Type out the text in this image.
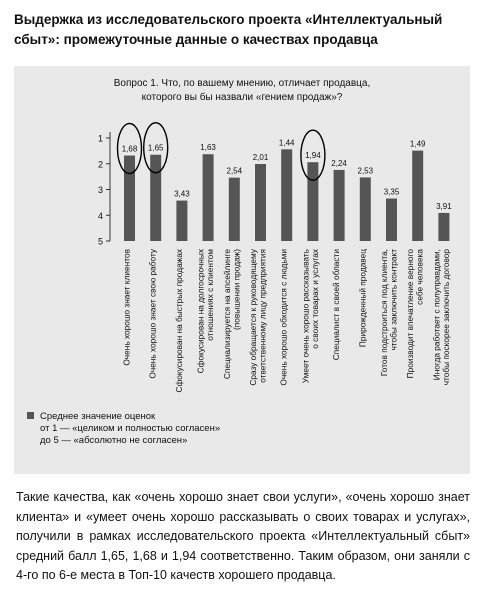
Выдержка из исследовательского проекта «Интеллектуальный сбыт»: промежуточные данные о качествах продавца
Вопрос 1. Что, по вашему мнению, отличает продавца,
которого вы бы назвали «гением продаж»?
1
2
3
4
5
1,68 1,65
3,43
1,63
2,54
2,01
1,44
1,94
2,24
2,53
3,35
1,49
3,91
Очень хорошо знает клиентов Очень хорошо знает свою работу Сфокусирован на быстрых продажах Сфокусирован на долгосрочныхотношениях с клиентом Специализируется на апсейлинге(повышении продаж) Сразу обращается к руководящемуответственному лицу предприятия Очень хорошо обходится с людьми Умеет очень хорошо рассказыватьо своих товарах и услугах Специалист в своей области Прирожденный продавец Готов подстроиться под клиента,чтобы заключить контракт Производит впечатление верногосебе человека Иногда работает с полуправдами,чтобы поскорее заключить договор
Среднее значение оценок
от 1 — «целиком и полностью согласен»
до 5 — «абсолютно не согласен»
Такие качества, как «очень хорошо знает свои услуги», «очень хорошо знает клиента» и «умеет очень хорошо рассказывать о своих товарах и услугах», получили в рамках исследовательского проекта «Интеллектуальный сбыт» средний балл 1,65, 1,68 и 1,94 соответственно. Таким образом, они заняли с 4-го по 6-е места в Топ-10 качеств хорошего продавца.
